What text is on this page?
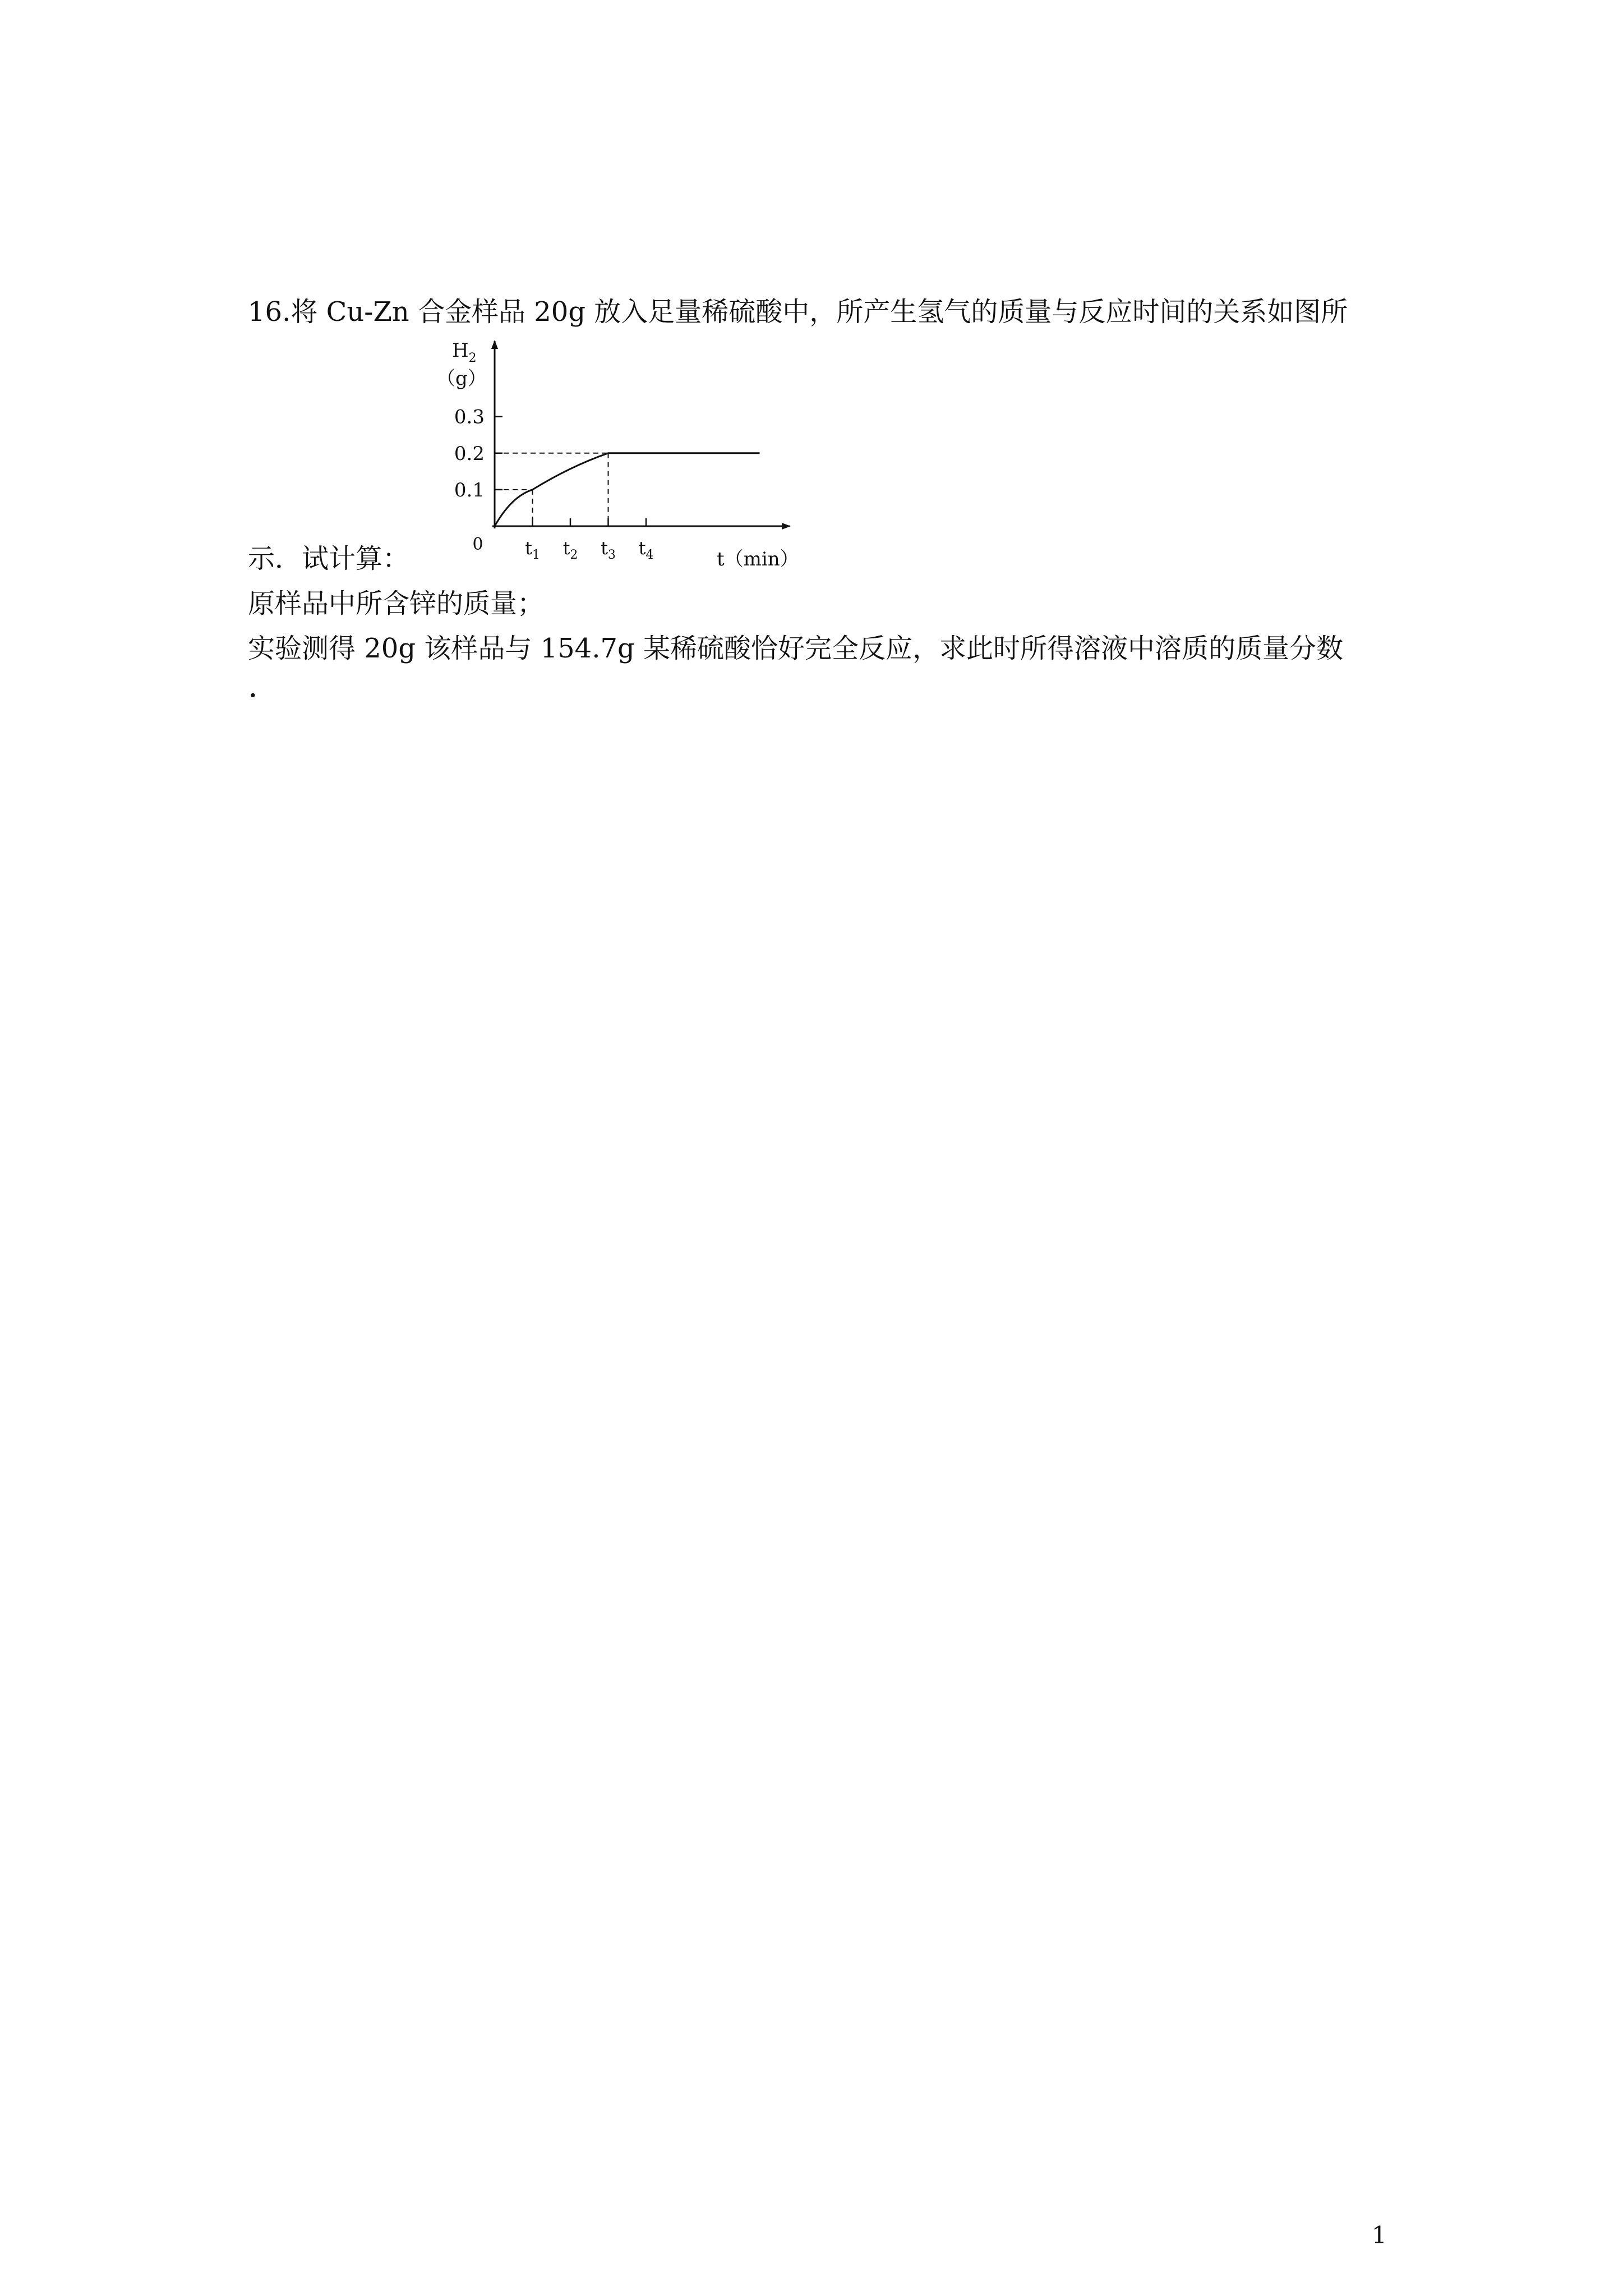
16.将 Cu-Zn 合金样品 20g 放入足量稀硫酸中，所产生氢气的质量与反应时间的关系如图所
0.1
0.2
0.3
$t_1$ $t_2$ $t_3$ $t_4$
0
$H_2$
（g）
t（min）
示．试计算：
原样品中所含锌的质量；
实验测得 20g 该样品与 154.7g 某稀硫酸恰好完全反应，求此时所得溶液中溶质的质量分数
.
1
